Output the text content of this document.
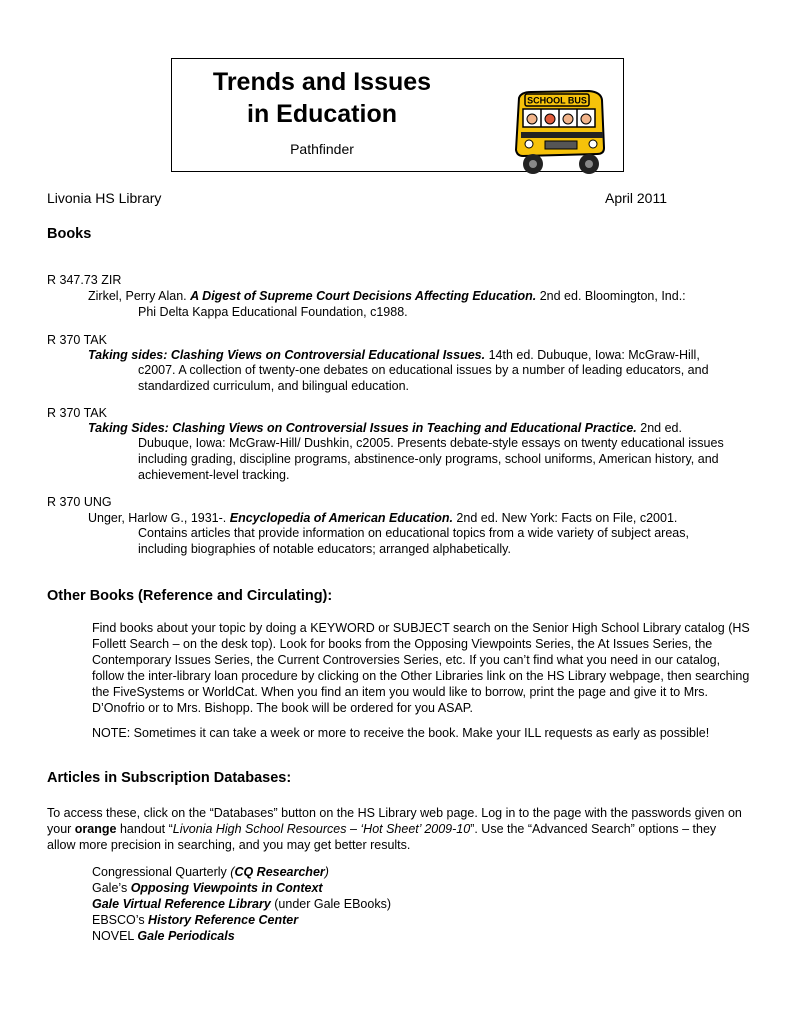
Trends and Issues
in Education
Pathfinder
SCHOOL BUS
Livonia HS Library	April 2011
Books
R 347.73 ZIR
Zirkel, Perry Alan. A Digest of Supreme Court Decisions Affecting Education. 2nd ed. Bloomington, Ind.:
Phi Delta Kappa Educational Foundation, c1988.
R 370 TAK
Taking sides: Clashing Views on Controversial Educational Issues. 14th ed. Dubuque, Iowa: McGraw-Hill,
c2007. A collection of twenty-one debates on educational issues by a number of leading educators, and standardized curriculum, and bilingual education.
R 370 TAK
Taking Sides: Clashing Views on Controversial Issues in Teaching and Educational Practice. 2nd ed.
Dubuque, Iowa: McGraw-Hill/ Dushkin, c2005. Presents debate-style essays on twenty educational issues including grading, discipline programs, abstinence-only programs, school uniforms, American history, and achievement-level tracking.
R 370 UNG
Unger, Harlow G., 1931-. Encyclopedia of American Education. 2nd ed. New York: Facts on File, c2001.
Contains articles that provide information on educational topics from a wide variety of subject areas, including biographies of notable educators; arranged alphabetically.
Other Books (Reference and Circulating):
Find books about your topic by doing a KEYWORD or SUBJECT search on the Senior High School Library catalog (HS Follett Search – on the desk top). Look for books from the Opposing Viewpoints Series, the At Issues Series, the Contemporary Issues Series, the Current Controversies Series, etc. If you can’t find what you need in our catalog, follow the inter-library loan procedure by clicking on the Other Libraries link on the HS Library webpage, then searching the FiveSystems or WorldCat. When you find an item you would like to borrow, print the page and give it to Mrs. D’Onofrio or to Mrs. Bishopp. The book will be ordered for you ASAP.
NOTE: Sometimes it can take a week or more to receive the book. Make your ILL requests as early as possible!
Articles in Subscription Databases:
To access these, click on the “Databases” button on the HS Library web page. Log in to the page with the passwords given on your orange handout “Livonia High School Resources – ‘Hot Sheet’ 2009-10”. Use the “Advanced Search” options – they allow more precision in searching, and you may get better results.
Congressional Quarterly (CQ Researcher)
Gale’s Opposing Viewpoints in Context
Gale Virtual Reference Library (under Gale EBooks)
EBSCO’s History Reference Center
NOVEL Gale Periodicals
